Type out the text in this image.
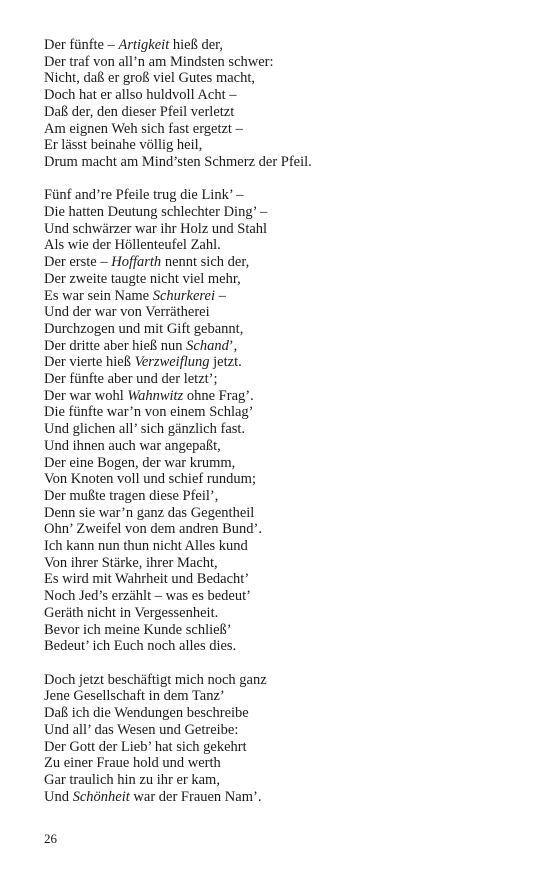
Der fünfte – Artigkeit hieß der,
Der traf von all’n am Mindsten schwer:
Nicht, daß er groß viel Gutes macht,
Doch hat er allso huldvoll Acht –
Daß der, den dieser Pfeil verletzt
Am eignen Weh sich fast ergetzt –
Er lässt beinahe völlig heil,
Drum macht am Mind’sten Schmerz der Pfeil.
Fünf and’re Pfeile trug die Link’ –
Die hatten Deutung schlechter Ding’ –
Und schwärzer war ihr Holz und Stahl
Als wie der Höllenteufel Zahl.
Der erste – Hoffarth nennt sich der,
Der zweite taugte nicht viel mehr,
Es war sein Name Schurkerei –
Und der war von Verrätherei
Durchzogen und mit Gift gebannt,
Der dritte aber hieß nun Schand’,
Der vierte hieß Verzweiflung jetzt.
Der fünfte aber und der letzt’;
Der war wohl Wahnwitz ohne Frag’.
Die fünfte war’n von einem Schlag’
Und glichen all’ sich gänzlich fast.
Und ihnen auch war angepaßt,
Der eine Bogen, der war krumm,
Von Knoten voll und schief rundum;
Der mußte tragen diese Pfeil’,
Denn sie war’n ganz das Gegentheil
Ohn’ Zweifel von dem andren Bund’.
Ich kann nun thun nicht Alles kund
Von ihrer Stärke, ihrer Macht,
Es wird mit Wahrheit und Bedacht’
Noch Jed’s erzählt – was es bedeut’
Geräth nicht in Vergessenheit.
Bevor ich meine Kunde schließ’
Bedeut’ ich Euch noch alles dies.
Doch jetzt beschäftigt mich noch ganz
Jene Gesellschaft in dem Tanz’
Daß ich die Wendungen beschreibe
Und all’ das Wesen und Getreibe:
Der Gott der Lieb’ hat sich gekehrt
Zu einer Fraue hold und werth
Gar traulich hin zu ihr er kam,
Und Schönheit war der Frauen Nam’.
26
